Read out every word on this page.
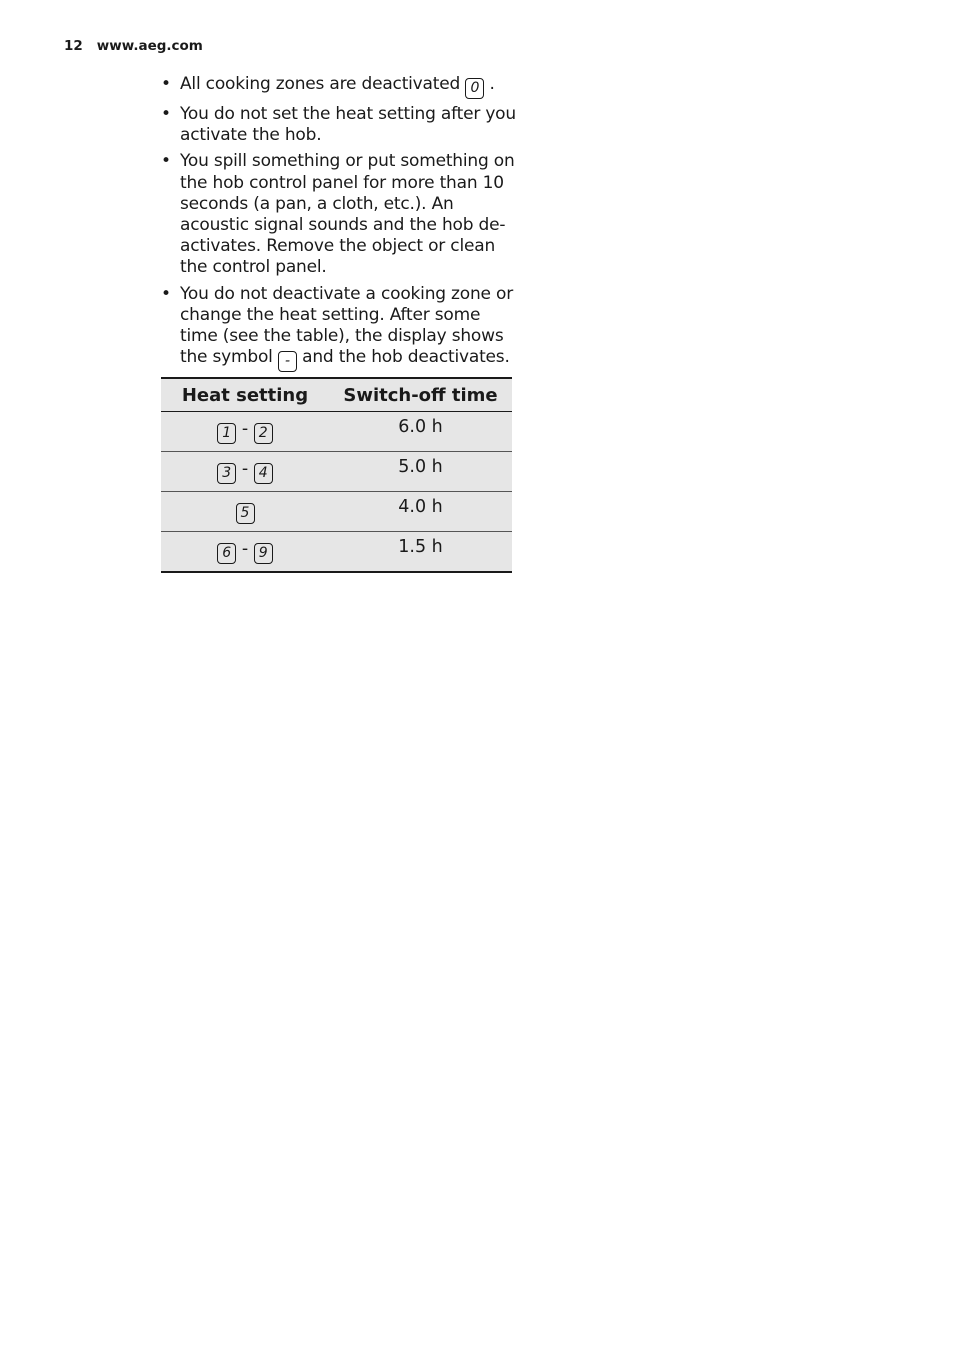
12 www.aeg.com
• All cooking zones are deactivated 0 .
• You do not set the heat setting after you activate the hob.
• You spill something or put something on the hob control panel for more than 10 seconds (a pan, a cloth, etc.). An acoustic signal sounds and the hob de-activates. Remove the object or clean the control panel.
• You do not deactivate a cooking zone or change the heat setting. After some time (see the table), the display shows the symbol - and the hob deactivates.
Heat setting	Switch-off time
1 - 2	6.0 h
3 - 4	5.0 h
5	4.0 h
6 - 9	1.5 h
